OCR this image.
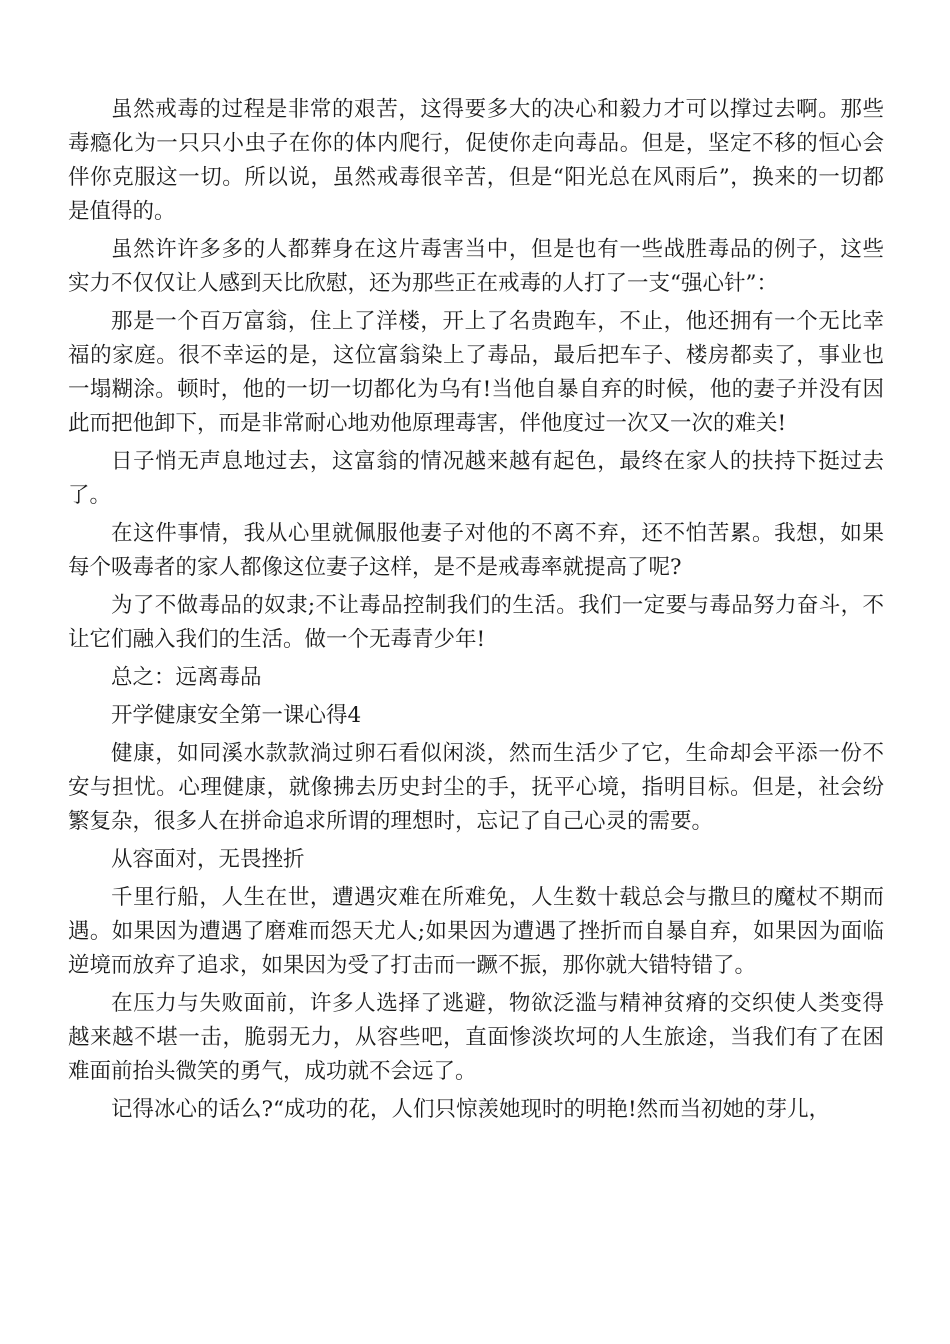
虽然戒毒的过程是非常的艰苦，这得要多大的决心和毅力才可以撑过去啊。那些毒瘾化为一只只小虫子在你的体内爬行，促使你走向毒品。但是，坚定不移的恒心会伴你克服这一切。所以说，虽然戒毒很辛苦，但是“阳光总在风雨后”，换来的一切都是值得的。

虽然许许多多的人都葬身在这片毒害当中，但是也有一些战胜毒品的例子，这些实力不仅仅让人感到天比欣慰，还为那些正在戒毒的人打了一支“强心针”：

那是一个百万富翁，住上了洋楼，开上了名贵跑车，不止，他还拥有一个无比幸福的家庭。很不幸运的是，这位富翁染上了毒品，最后把车子、楼房都卖了，事业也一塌糊涂。顿时，他的一切一切都化为乌有!当他自暴自弃的时候，他的妻子并没有因此而把他卸下，而是非常耐心地劝他原理毒害，伴他度过一次又一次的难关!

日子悄无声息地过去，这富翁的情况越来越有起色，最终在家人的扶持下挺过去了。

在这件事情，我从心里就佩服他妻子对他的不离不弃，还不怕苦累。我想，如果每个吸毒者的家人都像这位妻子这样，是不是戒毒率就提高了呢?

为了不做毒品的奴隶;不让毒品控制我们的生活。我们一定要与毒品努力奋斗，不让它们融入我们的生活。做一个无毒青少年!

总之：远离毒品

开学健康安全第一课心得4

健康，如同溪水款款淌过卵石看似闲淡，然而生活少了它，生命却会平添一份不安与担忧。心理健康，就像拂去历史封尘的手，抚平心境，指明目标。但是，社会纷繁复杂，很多人在拼命追求所谓的理想时，忘记了自己心灵的需要。

从容面对，无畏挫折

千里行船，人生在世，遭遇灾难在所难免，人生数十载总会与撒旦的魔杖不期而遇。如果因为遭遇了磨难而怨天尤人;如果因为遭遇了挫折而自暴自弃，如果因为面临逆境而放弃了追求，如果因为受了打击而一蹶不振，那你就大错特错了。

在压力与失败面前，许多人选择了逃避，物欲泛滥与精神贫瘠的交织使人类变得越来越不堪一击，脆弱无力，从容些吧，直面惨淡坎坷的人生旅途，当我们有了在困难面前抬头微笑的勇气，成功就不会远了。

记得冰心的话么?“成功的花，人们只惊羡她现时的明艳!然而当初她的芽儿，
